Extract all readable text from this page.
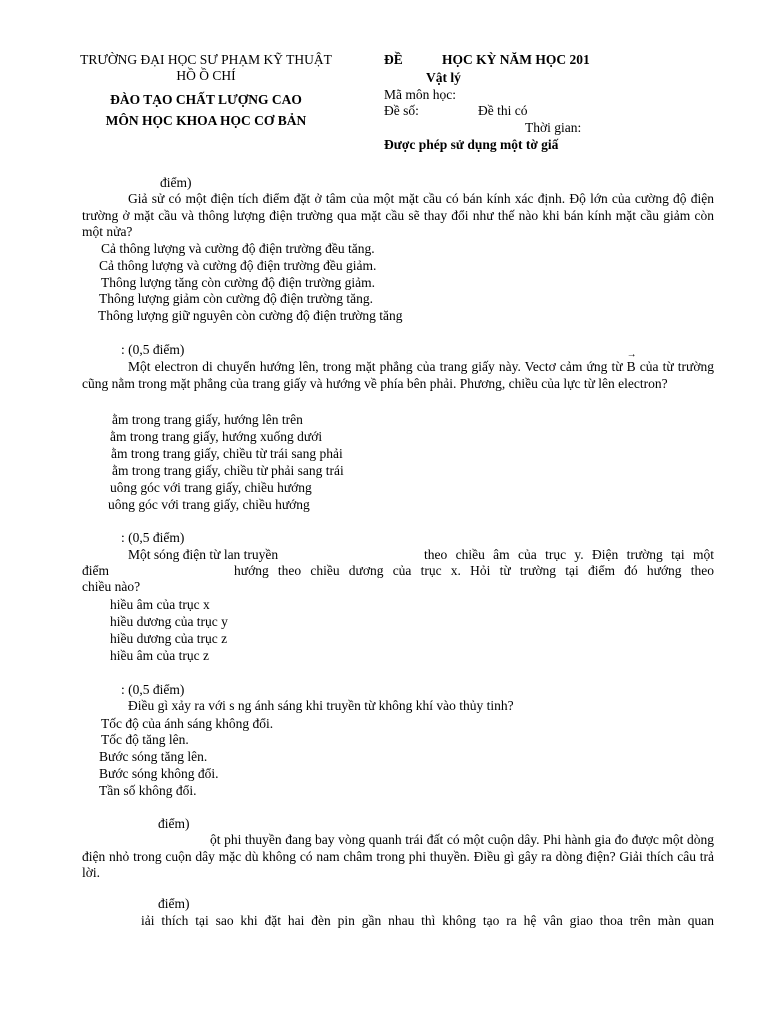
TRƯỜNG ĐẠI HỌC SƯ PHẠM KỸ THUẬT
HỒ Ồ CHÍ
ĐÀO TẠO CHẤT LƯỢNG CAO
MÔN HỌC KHOA HỌC CƠ BẢN
ĐỀ	HỌC KỲ NĂM HỌC 201
Vật lý
Mã môn học:
Đề số:	Đề thi có
Thời gian:
Được phép sử dụng một tờ giấ
điểm)
Giả sử có một điện tích điểm đặt ở tâm của một mặt cầu có bán kính xác định. Độ lớn của cường độ điện trường ở mặt cầu và thông lượng điện trường qua mặt cầu sẽ thay đổi như thế nào khi bán kính mặt cầu giảm còn một nửa?
Cả thông lượng và cường độ điện trường đều tăng.
Cả thông lượng và cường độ điện trường đều giảm.
Thông lượng tăng còn cường độ điện trường giảm.
Thông lượng giảm còn cường độ điện trường tăng.
Thông lượng giữ nguyên còn cường độ điện trường tăng
: (0,5 điểm)
Một electron di chuyển hướng lên, trong mặt phẳng của trang giấy này. Vectơ cảm ứng từ → B của từ trường cũng nằm trong mặt phẳng của trang giấy và hướng về phía bên phải. Phương, chiều của lực từ lên electron?
ằm trong trang giấy, hướng lên trên
ằm trong trang giấy, hướng xuống dưới
ằm trong trang giấy, chiều từ trái sang phải
ằm trong trang giấy, chiều từ phải sang trái
uông góc với trang giấy, chiều hướng
uông góc với trang giấy, chiều hướng
: (0,5 điểm)
Một sóng điện từ lan truyền	theo chiều âm của trục y. Điện trường tại một
điểm	hướng theo chiều dương của trục x. Hỏi từ trường tại điểm đó hướng theo
chiều nào?
hiều âm của trục x
hiều dương của trục y
hiều dương của trục z
hiều âm của trục z
: (0,5 điểm)
Điều gì xảy ra với s ng ánh sáng khi truyền từ không khí vào thủy tinh?
Tốc độ của ánh sáng không đổi.
Tốc độ tăng lên.
Bước sóng tăng lên.
Bước sóng không đổi.
Tần số không đổi.
điểm)
ột phi thuyền đang bay vòng quanh trái đất có một cuộn dây. Phi hành gia đo được một dòng điện nhỏ trong cuộn dây mặc dù không có nam châm trong phi thuyền. Điều gì gây ra dòng điện? Giải thích câu trả lời.
điểm)
iải thích tại sao khi đặt hai đèn pin gần nhau thì không tạo ra hệ vân giao thoa trên màn quan
